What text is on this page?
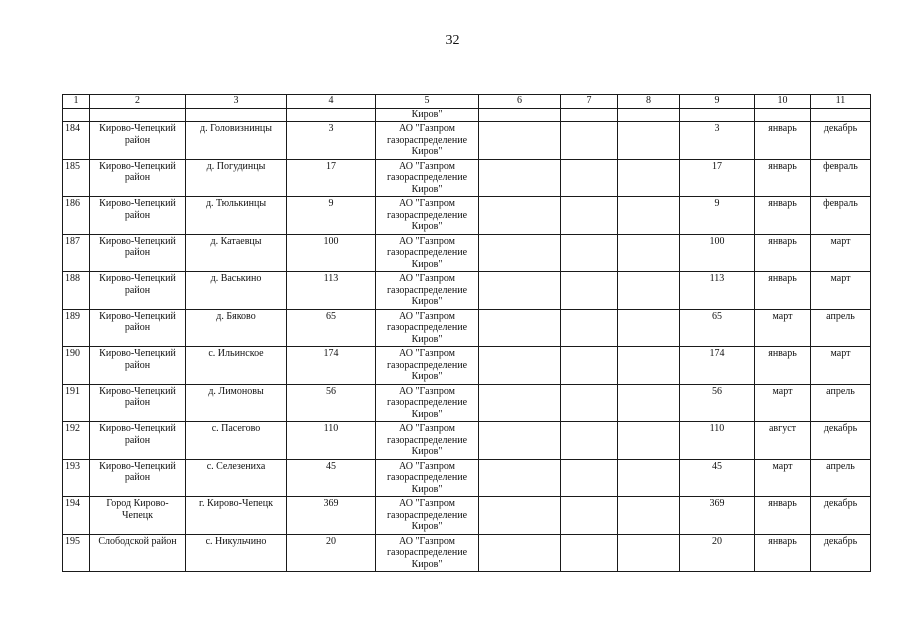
32
1	2	3	4	5	6	7	8	9	10	11
				Киров"						
184	Кирово-Чепецкий район	д. Головизнинцы	3	АО "Газпром газораспределение Киров"				3	январь	декабрь
185	Кирово-Чепецкий район	д. Погудинцы	17	АО "Газпром газораспределение Киров"				17	январь	февраль
186	Кирово-Чепецкий район	д. Тюлькинцы	9	АО "Газпром газораспределение Киров"				9	январь	февраль
187	Кирово-Чепецкий район	д. Катаевцы	100	АО "Газпром газораспределение Киров"				100	январь	март
188	Кирово-Чепецкий район	д. Васькино	113	АО "Газпром газораспределение Киров"				113	январь	март
189	Кирово-Чепецкий район	д. Бяково	65	АО "Газпром газораспределение Киров"				65	март	апрель
190	Кирово-Чепецкий район	с. Ильинское	174	АО "Газпром газораспределение Киров"				174	январь	март
191	Кирово-Чепецкий район	д. Лимоновы	56	АО "Газпром газораспределение Киров"				56	март	апрель
192	Кирово-Чепецкий район	с. Пасегово	110	АО "Газпром газораспределение Киров"				110	август	декабрь
193	Кирово-Чепецкий район	с. Селезениха	45	АО "Газпром газораспределение Киров"				45	март	апрель
194	Город Кирово-Чепецк	г. Кирово-Чепецк	369	АО "Газпром газораспределение Киров"				369	январь	декабрь
195	Слободской район	с. Никульчино	20	АО "Газпром газораспределение Киров"				20	январь	декабрь
